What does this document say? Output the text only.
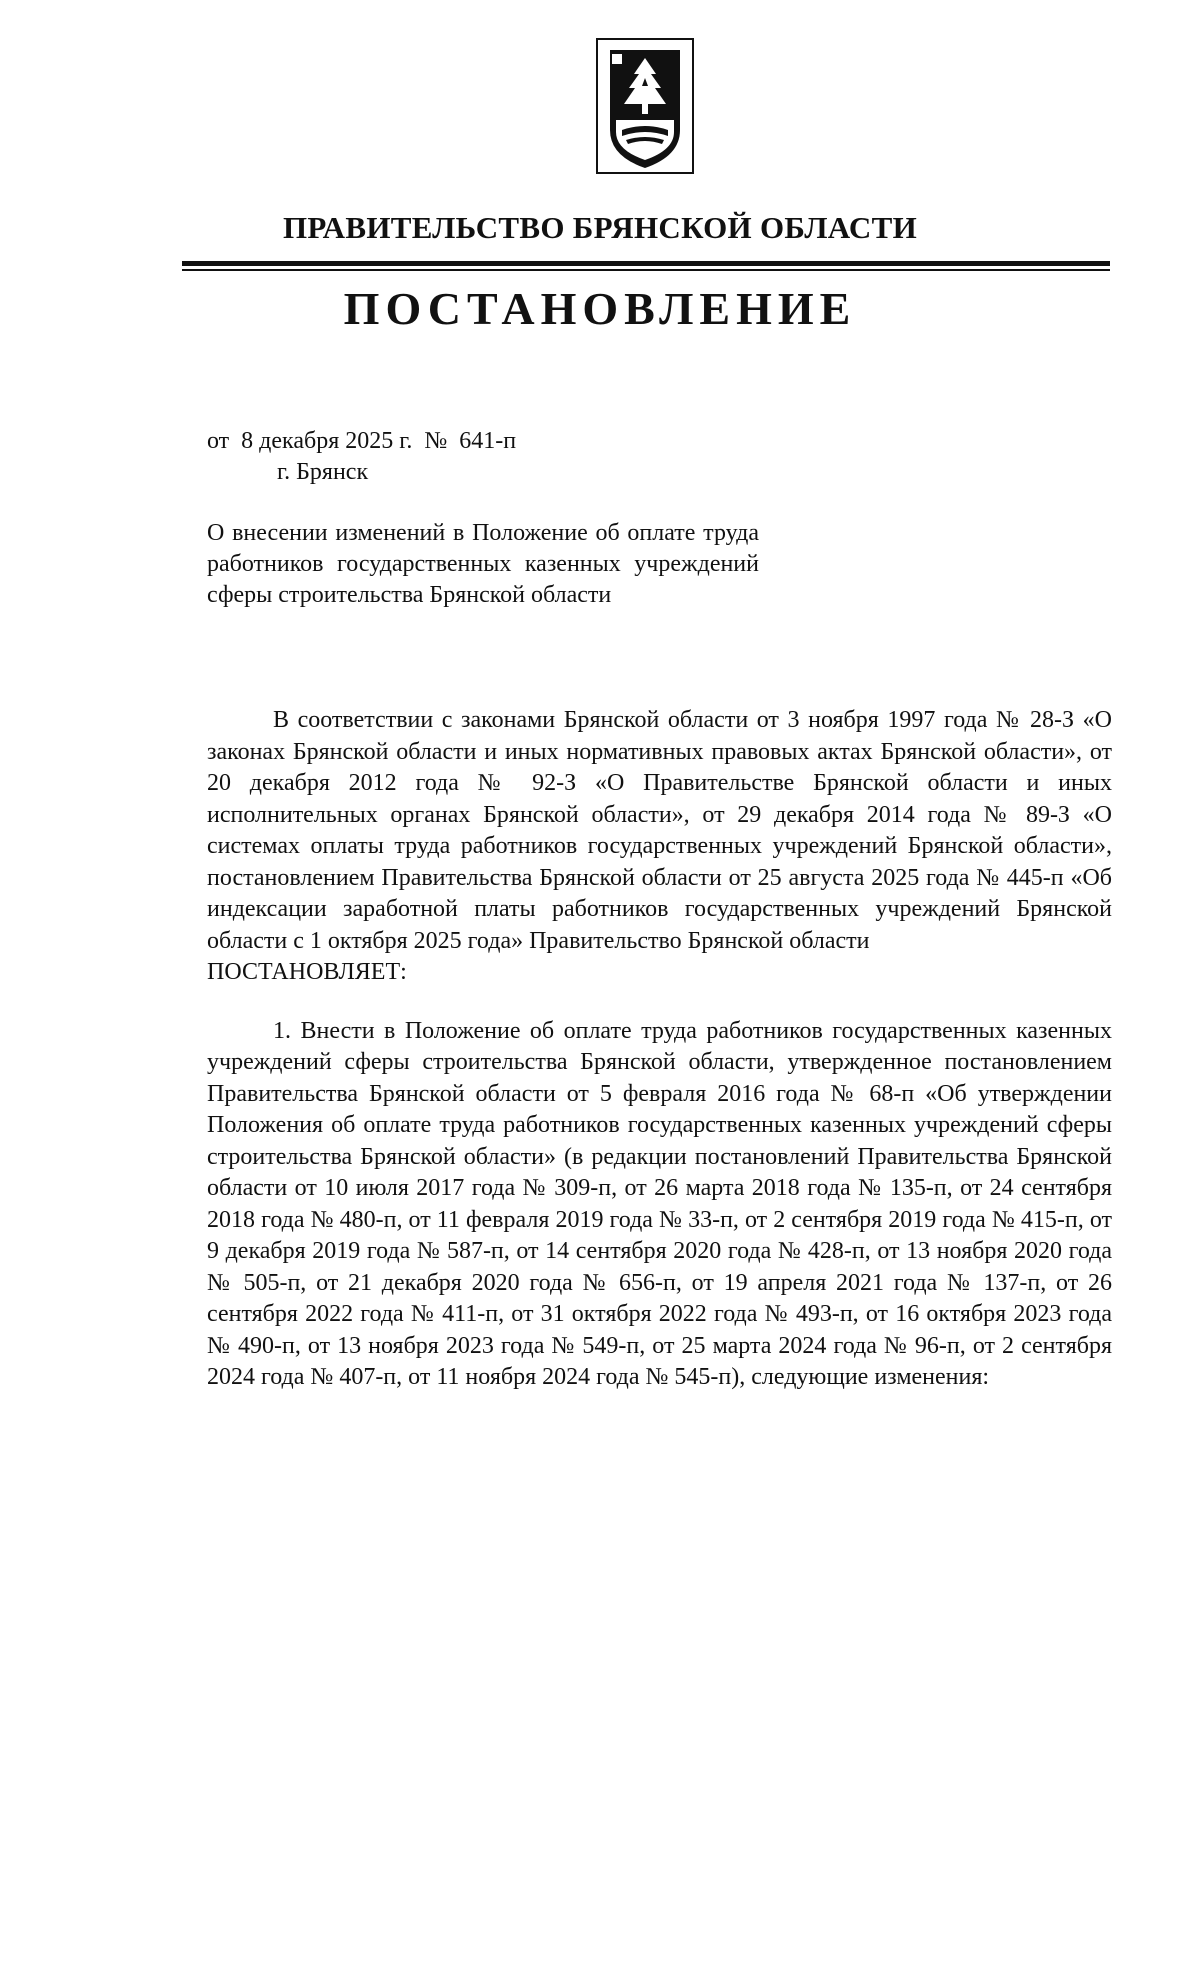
ПРАВИТЕЛЬСТВО БРЯНСКОЙ ОБЛАСТИ
ПОСТАНОВЛЕНИЕ
от  8 декабря 2025 г.  №  641-п
г. Брянск

О внесении изменений в Положение об оплате труда работников государственных казенных учреждений сферы строительства Брянской области

В соответствии с законами Брянской области от 3 ноября 1997 года № 28-З «О законах Брянской области и иных нормативных правовых актах Брянской области», от 20 декабря 2012 года № 92-З «О Правительстве Брянской области и иных исполнительных органах Брянской области», от 29 декабря 2014 года № 89-З «О системах оплаты труда работников государственных учреждений Брянской области», постановлением Правительства Брянской области от 25 августа 2025 года № 445-п «Об индексации заработной платы работников государственных учреждений Брянской области с 1 октября 2025 года» Правительство Брянской области

ПОСТАНОВЛЯЕТ:

1. Внести в Положение об оплате труда работников государственных казенных учреждений сферы строительства Брянской области, утвержденное постановлением Правительства Брянской области от 5 февраля 2016 года № 68-п «Об утверждении Положения об оплате труда работников государственных казенных учреждений сферы строительства Брянской области» (в редакции постановлений Правительства Брянской области от 10 июля 2017 года № 309-п, от 26 марта 2018 года № 135-п, от 24 сентября 2018 года № 480-п, от 11 февраля 2019 года № 33-п, от 2 сентября 2019 года № 415-п, от 9 декабря 2019 года № 587-п, от 14 сентября 2020 года № 428-п, от 13 ноября 2020 года № 505-п, от 21 декабря 2020 года № 656-п, от 19 апреля 2021 года № 137-п, от 26 сентября 2022 года № 411-п, от 31 октября 2022 года № 493-п, от 16 октября 2023 года № 490-п, от 13 ноября 2023 года № 549-п, от 25 марта 2024 года № 96-п, от 2 сентября 2024 года № 407-п, от 11 ноября 2024 года № 545-п), следующие изменения:
